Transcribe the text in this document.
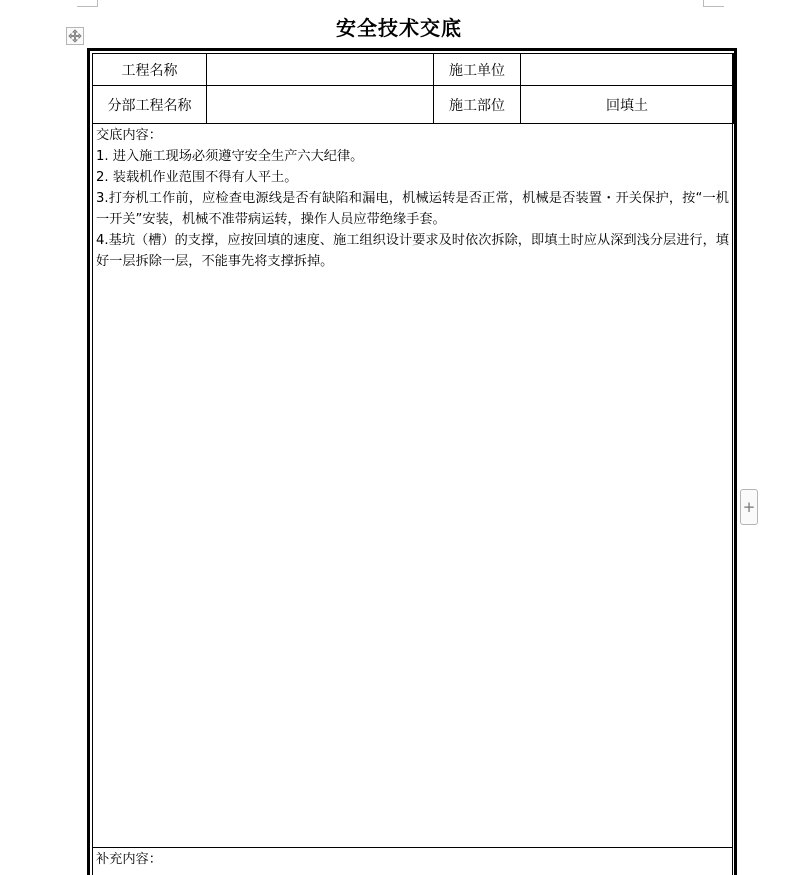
安全技术交底
工程名称		施工单位	
分部工程名称		施工部位	回填土

交底内容：

1. 进入施工现场必须遵守安全生产六大纪律。

2. 装载机作业范围不得有人平土。

3.打夯机工作前，应检查电源线是否有缺陷和漏电，机械运转是否正常，机械是否装置・开关保护，按“一机一开关”安装，机械不准带病运转，操作人员应带绝缘手套。

4.基坑（槽）的支撑，应按回填的速度、施工组织设计要求及时依次拆除，即填土时应从深到浅分层进行，填好一层拆除一层，不能事先将支撑拆掉。

补充内容：
+
